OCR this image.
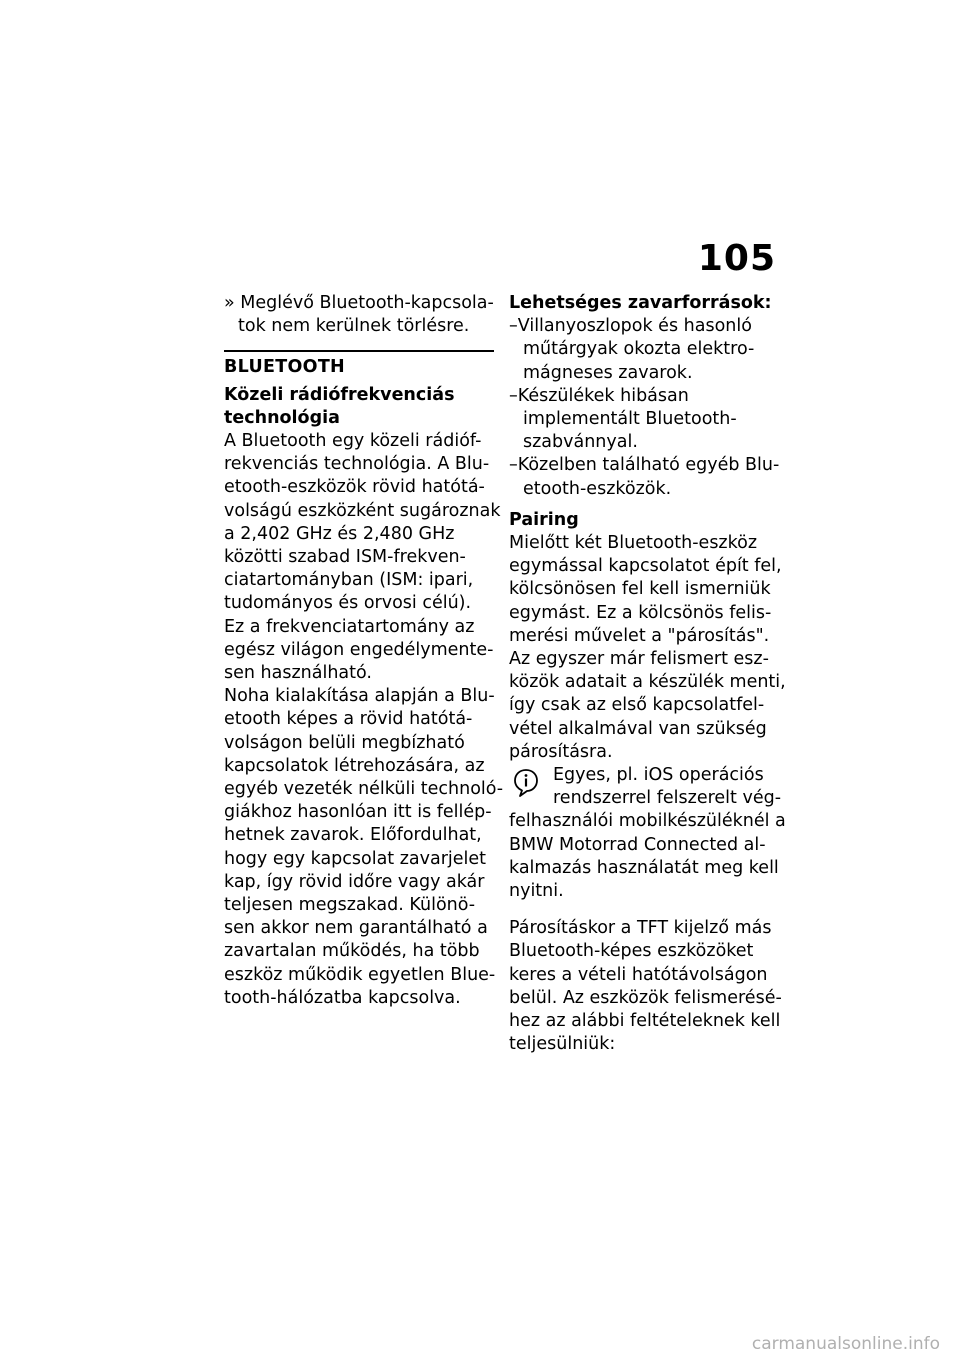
105
» Meglévő Bluetooth-kapcsola-
tok nem kerülnek törlésre.
BLUETOOTH
Közeli rádiófrekvenciás
technológia
A Bluetooth egy közeli rádióf-
rekvenciás technológia. A Blu-
etooth-eszközök rövid hatótá-
volságú eszközként sugároznak
a 2,402 GHz és 2,480 GHz
közötti szabad ISM-frekven-
ciatartományban (ISM: ipari,
tudományos és orvosi célú).
Ez a frekvenciatartomány az
egész világon engedélymente-
sen használható.
Noha kialakítása alapján a Blu-
etooth képes a rövid hatótá-
volságon belüli megbízható
kapcsolatok létrehozására, az
egyéb vezeték nélküli technoló-
giákhoz hasonlóan itt is fellép-
hetnek zavarok. Előfordulhat,
hogy egy kapcsolat zavarjelet
kap, így rövid időre vagy akár
teljesen megszakad. Különö-
sen akkor nem garantálható a
zavartalan működés, ha több
eszköz működik egyetlen Blue-
tooth-hálózatba kapcsolva.
Lehetséges zavarforrások:
–Villanyoszlopok és hasonló
műtárgyak okozta elektro-
mágneses zavarok.
–Készülékek hibásan
implementált Bluetooth-
szabvánnyal.
–Közelben található egyéb Blu-
etooth-eszközök.
Pairing
Mielőtt két Bluetooth-eszköz
egymással kapcsolatot épít fel,
kölcsönösen fel kell ismerniük
egymást. Ez a kölcsönös felis-
merési művelet a "párosítás".
Az egyszer már felismert esz-
közök adatait a készülék menti,
így csak az első kapcsolatfel-
vétel alkalmával van szükség
párosításra.
Egyes, pl. iOS operációs
rendszerrel felszerelt vég-
felhasználói mobilkészüléknél a
BMW Motorrad Connected al-
kalmazás használatát meg kell
nyitni.
Párosításkor a TFT kijelző más
Bluetooth-képes eszközöket
keres a vételi hatótávolságon
belül. Az eszközök felismerésé-
hez az alábbi feltételeknek kell
teljesülniük:
carmanualsonline.info
